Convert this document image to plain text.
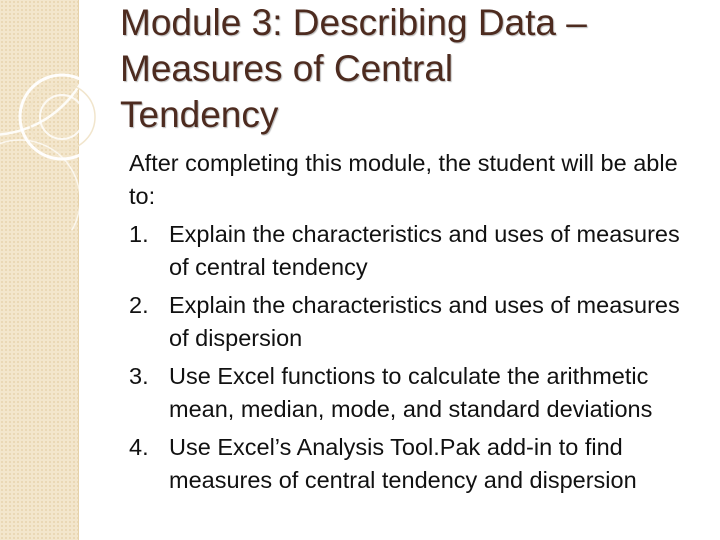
Module 3: Describing Data –
Measures of Central
Tendency

After completing this module, the student will be able to:

1. Explain the characteristics and uses of measures of central tendency
2. Explain the characteristics and uses of measures of dispersion
3. Use Excel functions to calculate the arithmetic mean, median, mode, and standard deviations
4. Use Excel’s Analysis Tool.Pak add-in to find measures of central tendency and dispersion
